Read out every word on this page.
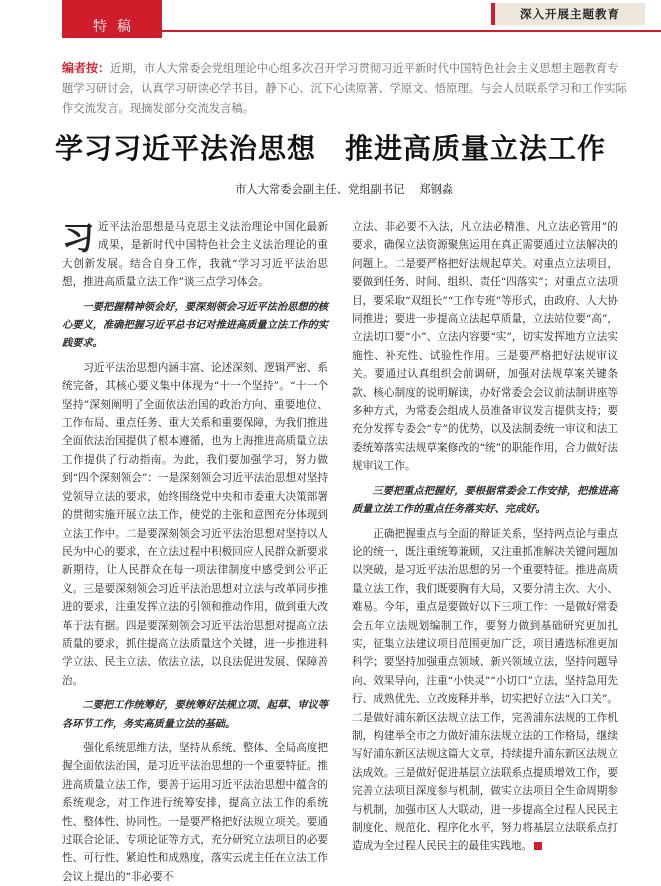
特稿
深入开展主题教育
编者按：近期，市人大常委会党组理论中心组多次召开学习贯彻习近平新时代中国特色社会主义思想主题教育专题学习研讨会，认真学习研读必学书目，静下心、沉下心读原著、学原文、悟原理。与会人员联系学习和工作实际作交流发言。现摘发部分交流发言稿。
学习习近平法治思想　推进高质量立法工作
市人大常委会副主任、党组副书记　 郑钢淼

习近平法治思想是马克思主义法治理论中国化最新成果，是新时代中国特色社会主义法治理论的重大创新发展。结合自身工作，我就“学习习近平法治思想，推进高质量立法工作”谈三点学习体会。

一要把握精神领会好，要深刻领会习近平法治思想的核心要义，准确把握习近平总书记对推进高质量立法工作的实践要求。

习近平法治思想内涵丰富、论述深刻、逻辑严密、系统完备，其核心要义集中体现为“十一个坚持”。“十一个坚持”深刻阐明了全面依法治国的政治方向、重要地位、工作布局、重点任务、重大关系和重要保障，为我们推进全面依法治国提供了根本遵循，也为上海推进高质量立法工作提供了行动指南。为此，我们要加强学习，努力做到“四个深刻领会”：一是深刻领会习近平法治思想对坚持党领导立法的要求，始终围绕党中央和市委重大决策部署的贯彻实施开展立法工作，使党的主张和意图充分体现到立法工作中。二是要深刻领会习近平法治思想对坚持以人民为中心的要求，在立法过程中积极回应人民群众新要求新期待，让人民群众在每一项法律制度中感受到公平正义。三是要深刻领会习近平法治思想对立法与改革同步推进的要求，注重发挥立法的引领和推动作用，做到重大改革于法有据。四是要深刻领会习近平法治思想对提高立法质量的要求，抓住提高立法质量这个关键，进一步推进科学立法、民主立法、依法立法，以良法促进发展、保障善治。

二要把工作统筹好，要统筹好法规立项、起草、审议等各环节工作，务实高质量立法的基础。

强化系统思维方法，坚持从系统、整体、全局高度把握全面依法治国，是习近平法治思想的一个重要特征。推进高质量立法工作，要善于运用习近平法治思想中蕴含的系统观念，对工作进行统筹安排，提高立法工作的系统性、整体性、协同性。一是要严格把好法规立项关。要通过联合论证、专项论证等方式，充分研究立法项目的必要性、可行性、紧迫性和成熟度，落实云虎主任在立法工作会议上提出的“非必要不

立法、非必要不入法，凡立法必精准、凡立法必管用”的要求，确保立法资源聚焦运用在真正需要通过立法解决的问题上。二是要严格把好法规起草关。对重点立法项目，要做到任务、时间、组织、责任“四落实”；对重点立法项目，要采取“双组长”“工作专班”等形式，由政府、人大协同推进；要进一步提高立法起草质量，立法站位要“高”，立法切口要“小”、立法内容要“实”，切实发挥地方立法实施性、补充性、试验性作用。三是要严格把好法规审议关。要通过认真组织会前调研，加强对法规草案关键条款、核心制度的说明解读，办好常委会会议前法制讲座等多种方式，为常委会组成人员准备审议发言提供支持；要充分发挥专委会“专”的优势，以及法制委统一审议和法工委统筹落实法规草案修改的“统”的职能作用，合力做好法规审议工作。

三要把重点把握好，要根据常委会工作安排，把推进高质量立法工作的重点任务落实好、完成好。

正确把握重点与全面的辩证关系，坚持两点论与重点论的统一，既注重统筹兼顾，又注重抓准解决关键问题加以突破，是习近平法治思想的另一个重要特征。推进高质量立法工作，我们既要胸有大局，又要分清主次、大小、难易。今年，重点是要做好以下三项工作：一是做好常委会五年立法规划编制工作，要努力做到基础研究更加扎实，征集立法建议项目范围更加广泛，项目遴选标准更加科学；要坚持加强重点领域、新兴领域立法，坚持问题导向、效果导向，注重“小快灵”“小切口”立法，坚持急用先行、成熟优先、立改废释并举，切实把好立法“入口关”。二是做好浦东新区法规立法工作，完善浦东法规的工作机制，构建举全市之力做好浦东法规立法的工作格局，继续写好浦东新区法规这篇大文章，持续提升浦东新区法规立法成效。三是做好促进基层立法联系点提质增效工作，要完善立法项目深度参与机制，做实立法项目全生命周期参与机制，加强市区人大联动，进一步提高全过程人民民主制度化、规范化、程序化水平，努力将基层立法联系点打造成为全过程人民民主的最佳实践地。
